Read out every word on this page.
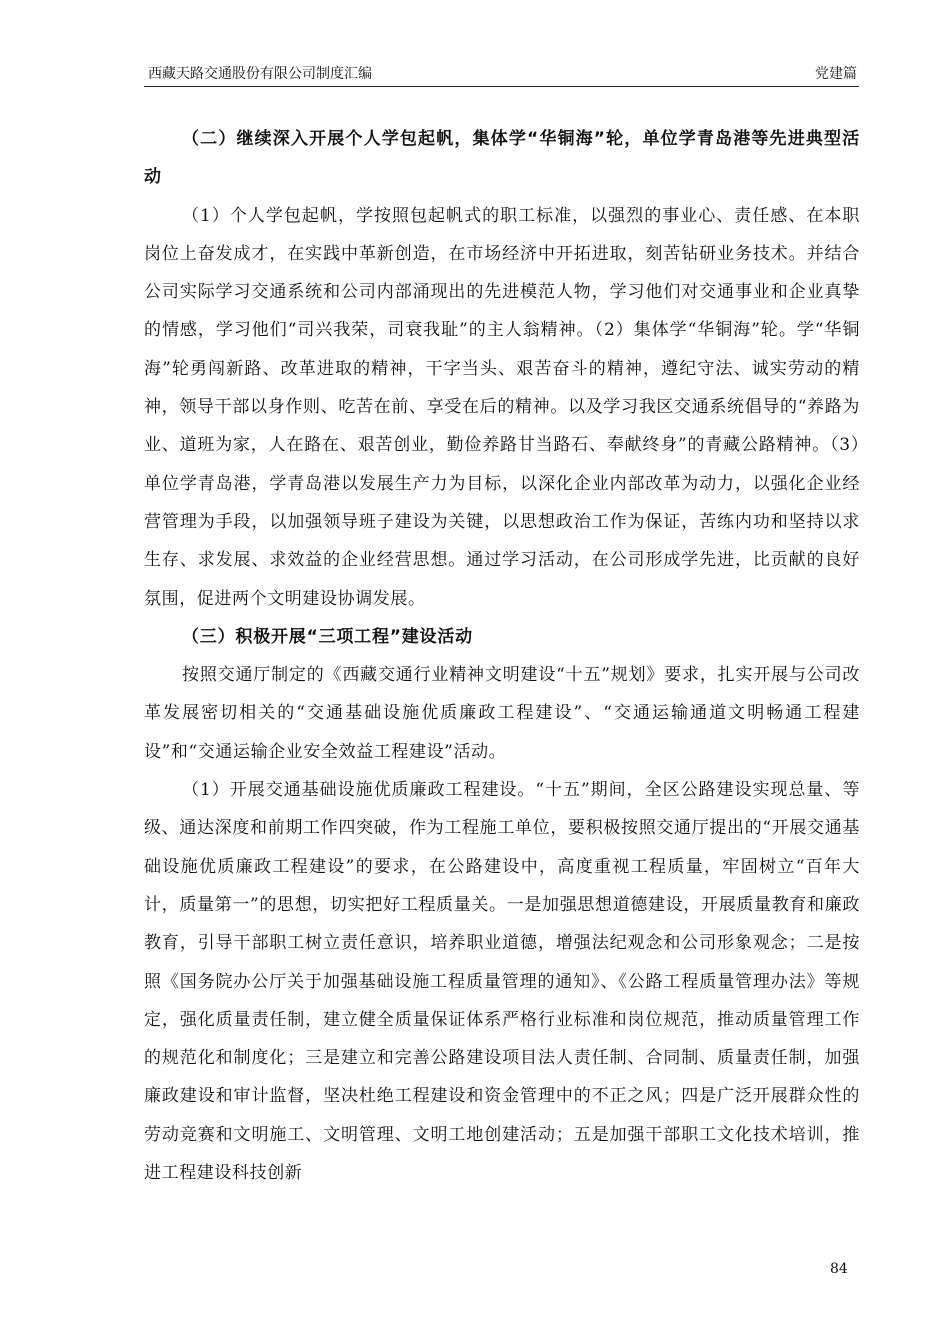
西藏天路交通股份有限公司制度汇编	党建篇

（二）继续深入开展个人学包起帆，集体学“华铜海”轮，单位学青岛港等先进典型活动

（1）个人学包起帆，学按照包起帆式的职工标准，以强烈的事业心、责任感、在本职岗位上奋发成才，在实践中革新创造，在市场经济中开拓进取，刻苦钻研业务技术。并结合公司实际学习交通系统和公司内部涌现出的先进模范人物，学习他们对交通事业和企业真挚的情感，学习他们“司兴我荣，司衰我耻”的主人翁精神。（2）集体学“华铜海”轮。学“华铜海”轮勇闯新路、改革进取的精神，干字当头、艰苦奋斗的精神，遵纪守法、诚实劳动的精神，领导干部以身作则、吃苦在前、享受在后的精神。以及学习我区交通系统倡导的“养路为业、道班为家，人在路在、艰苦创业，勤俭养路甘当路石、奉献终身”的青藏公路精神。（3）单位学青岛港，学青岛港以发展生产力为目标，以深化企业内部改革为动力，以强化企业经营管理为手段，以加强领导班子建设为关键，以思想政治工作为保证，苦练内功和坚持以求生存、求发展、求效益的企业经营思想。通过学习活动，在公司形成学先进，比贡献的良好氛围，促进两个文明建设协调发展。

（三）积极开展“三项工程”建设活动

按照交通厅制定的《西藏交通行业精神文明建设“十五”规划》要求，扎实开展与公司改革发展密切相关的“交通基础设施优质廉政工程建设”、“交通运输通道文明畅通工程建设”和“交通运输企业安全效益工程建设”活动。

（1）开展交通基础设施优质廉政工程建设。“十五”期间，全区公路建设实现总量、等级、通达深度和前期工作四突破，作为工程施工单位，要积极按照交通厅提出的“开展交通基础设施优质廉政工程建设”的要求，在公路建设中，高度重视工程质量，牢固树立“百年大计，质量第一”的思想，切实把好工程质量关。一是加强思想道德建设，开展质量教育和廉政教育，引导干部职工树立责任意识，培养职业道德，增强法纪观念和公司形象观念；二是按照《国务院办公厅关于加强基础设施工程质量管理的通知》、《公路工程质量管理办法》等规定，强化质量责任制，建立健全质量保证体系严格行业标准和岗位规范，推动质量管理工作的规范化和制度化；三是建立和完善公路建设项目法人责任制、合同制、质量责任制，加强廉政建设和审计监督，坚决杜绝工程建设和资金管理中的不正之风；四是广泛开展群众性的劳动竞赛和文明施工、文明管理、文明工地创建活动；五是加强干部职工文化技术培训，推进工程建设科技创新

84
